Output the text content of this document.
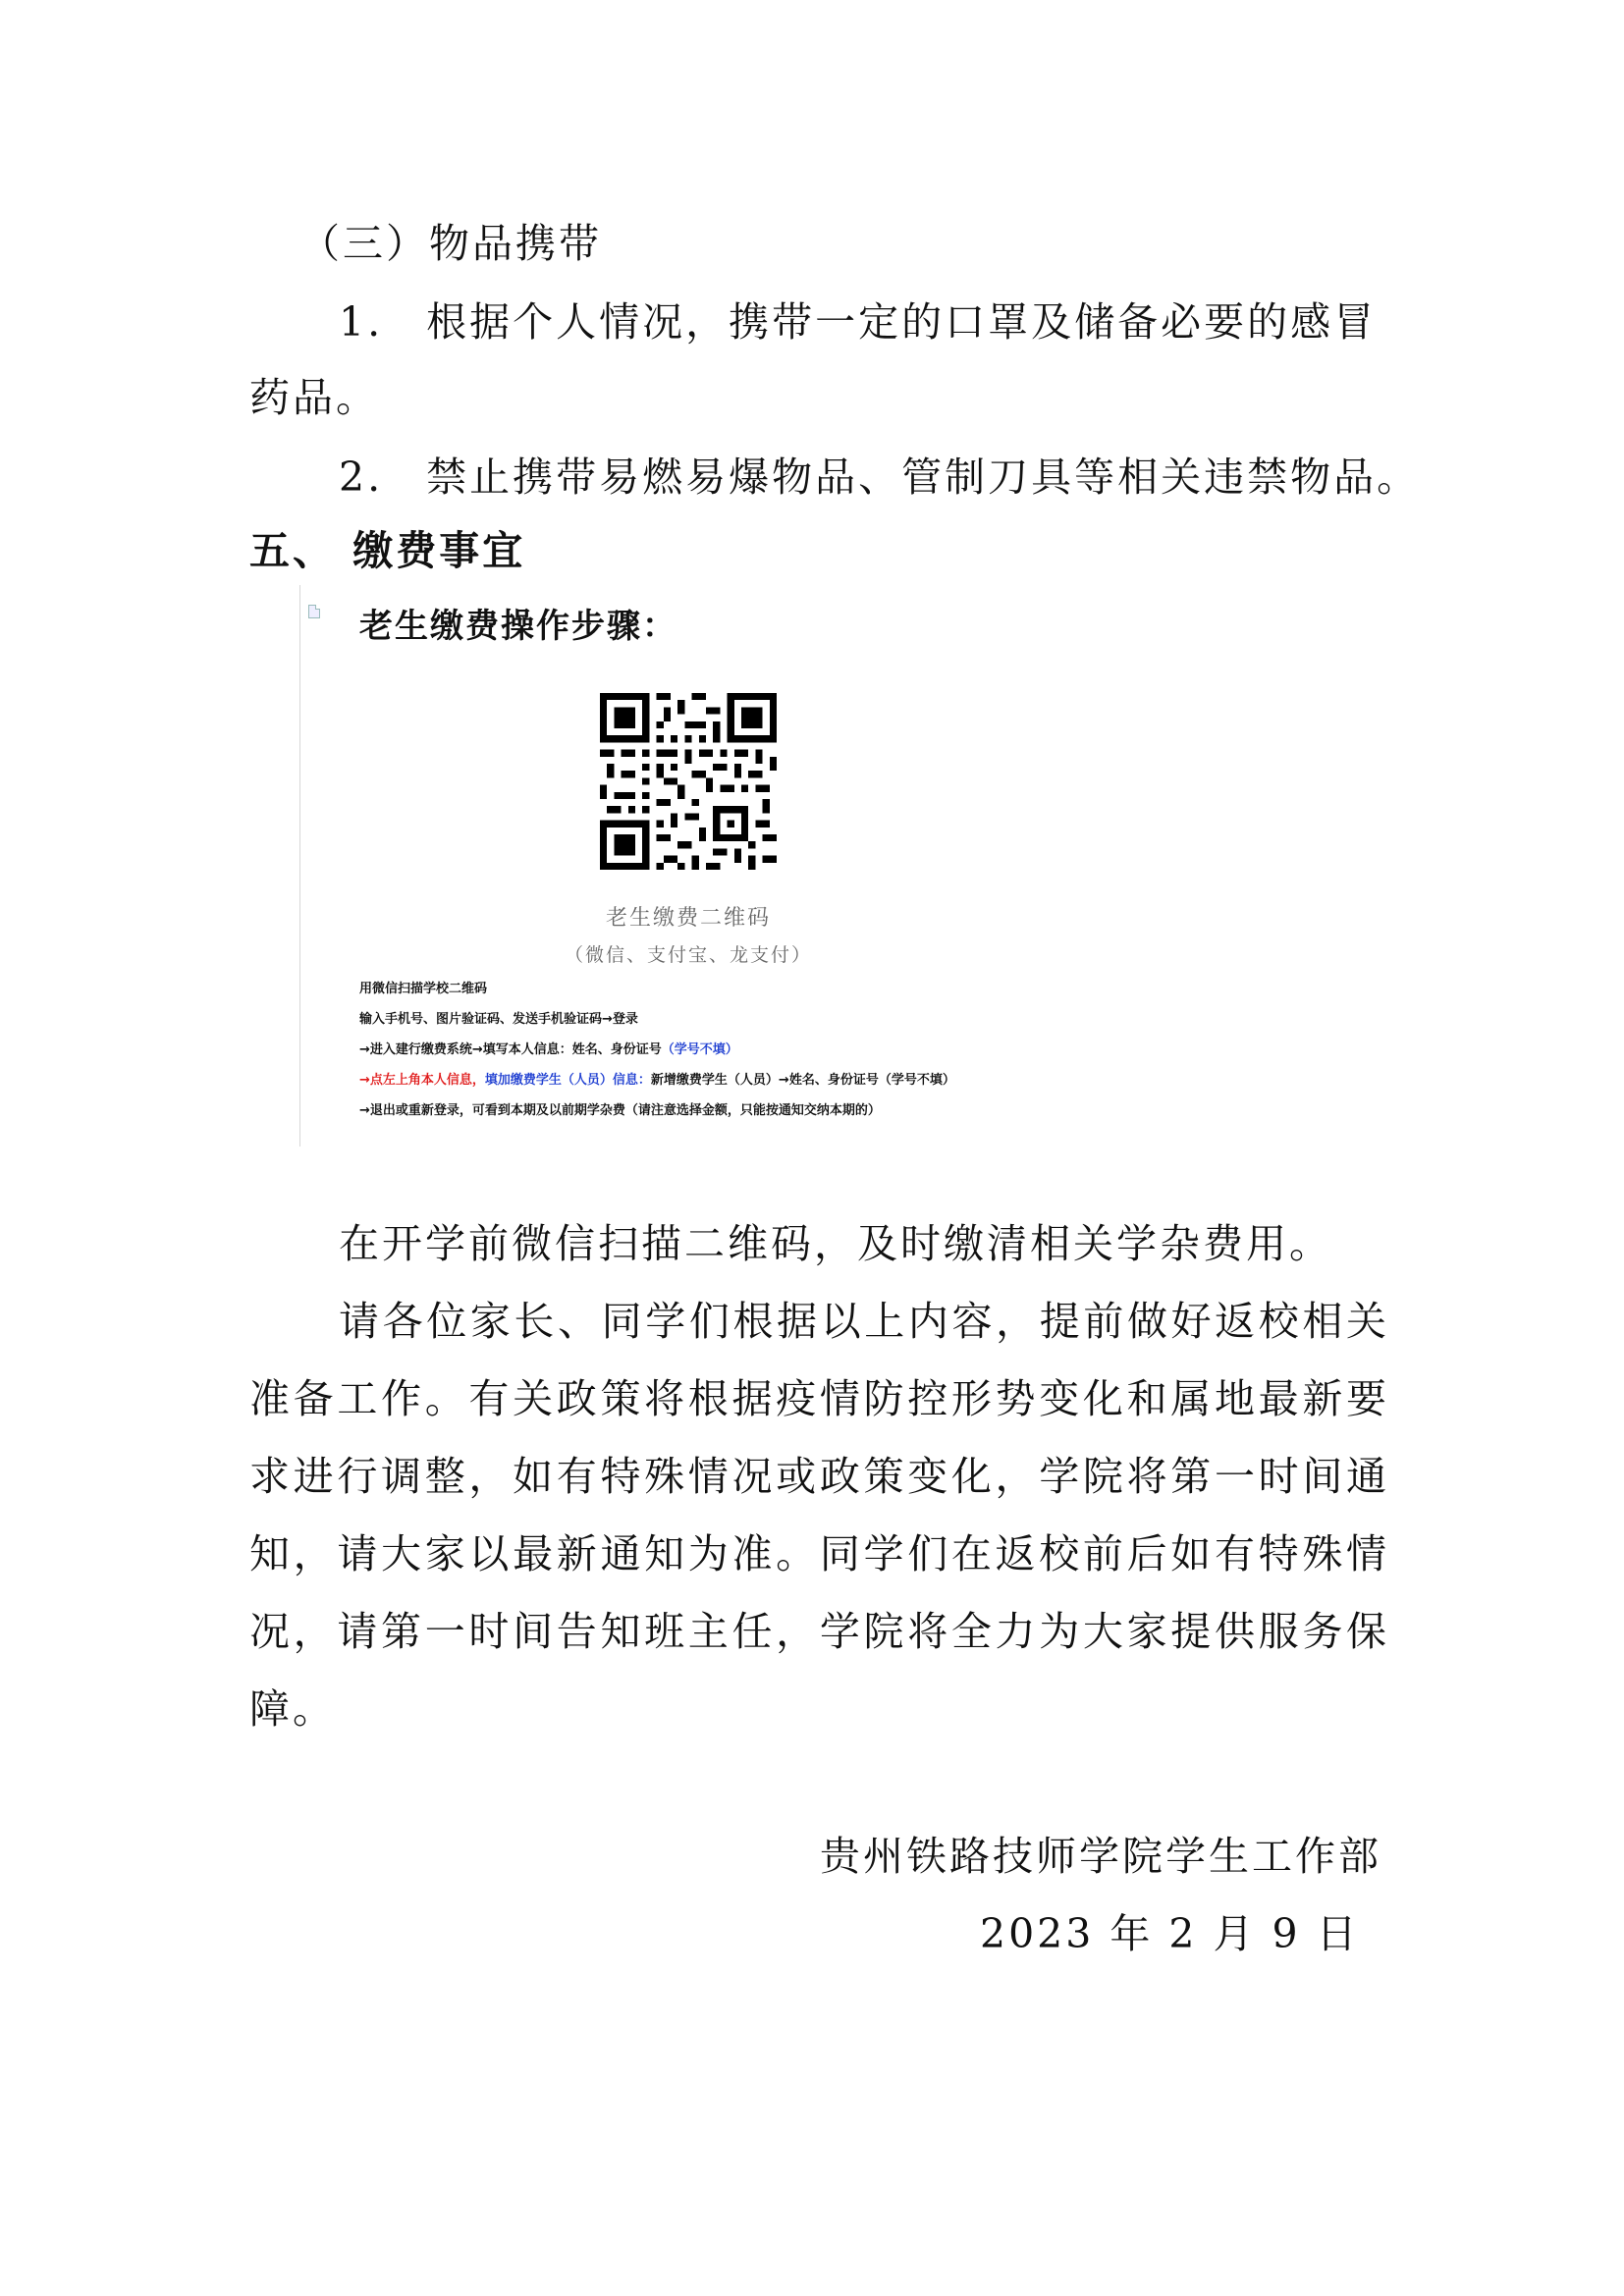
（三）物品携带
1.　根据个人情况，携带一定的口罩及储备必要的感冒
药品。
2.　禁止携带易燃易爆物品、管制刀具等相关违禁物品。
五、 缴费事宜
老生缴费操作步骤：
老生缴费二维码
（微信、支付宝、龙支付）
用微信扫描学校二维码
输入手机号、图片验证码、发送手机验证码→登录
→进入建行缴费系统→填写本人信息：姓名、身份证号（学号不填）
→点左上角本人信息，填加缴费学生（人员）信息：新增缴费学生（人员）→姓名、身份证号（学号不填）
→退出或重新登录，可看到本期及以前期学杂费（请注意选择金额，只能按通知交纳本期的）
在开学前微信扫描二维码，及时缴清相关学杂费用。
请各位家长、同学们根据以上内容，提前做好返校相关
准备工作。有关政策将根据疫情防控形势变化和属地最新要
求进行调整，如有特殊情况或政策变化，学院将第一时间通
知，请大家以最新通知为准。同学们在返校前后如有特殊情
况，请第一时间告知班主任，学院将全力为大家提供服务保
障。
贵州铁路技师学院学生工作部
2023 年 2 月 9 日
